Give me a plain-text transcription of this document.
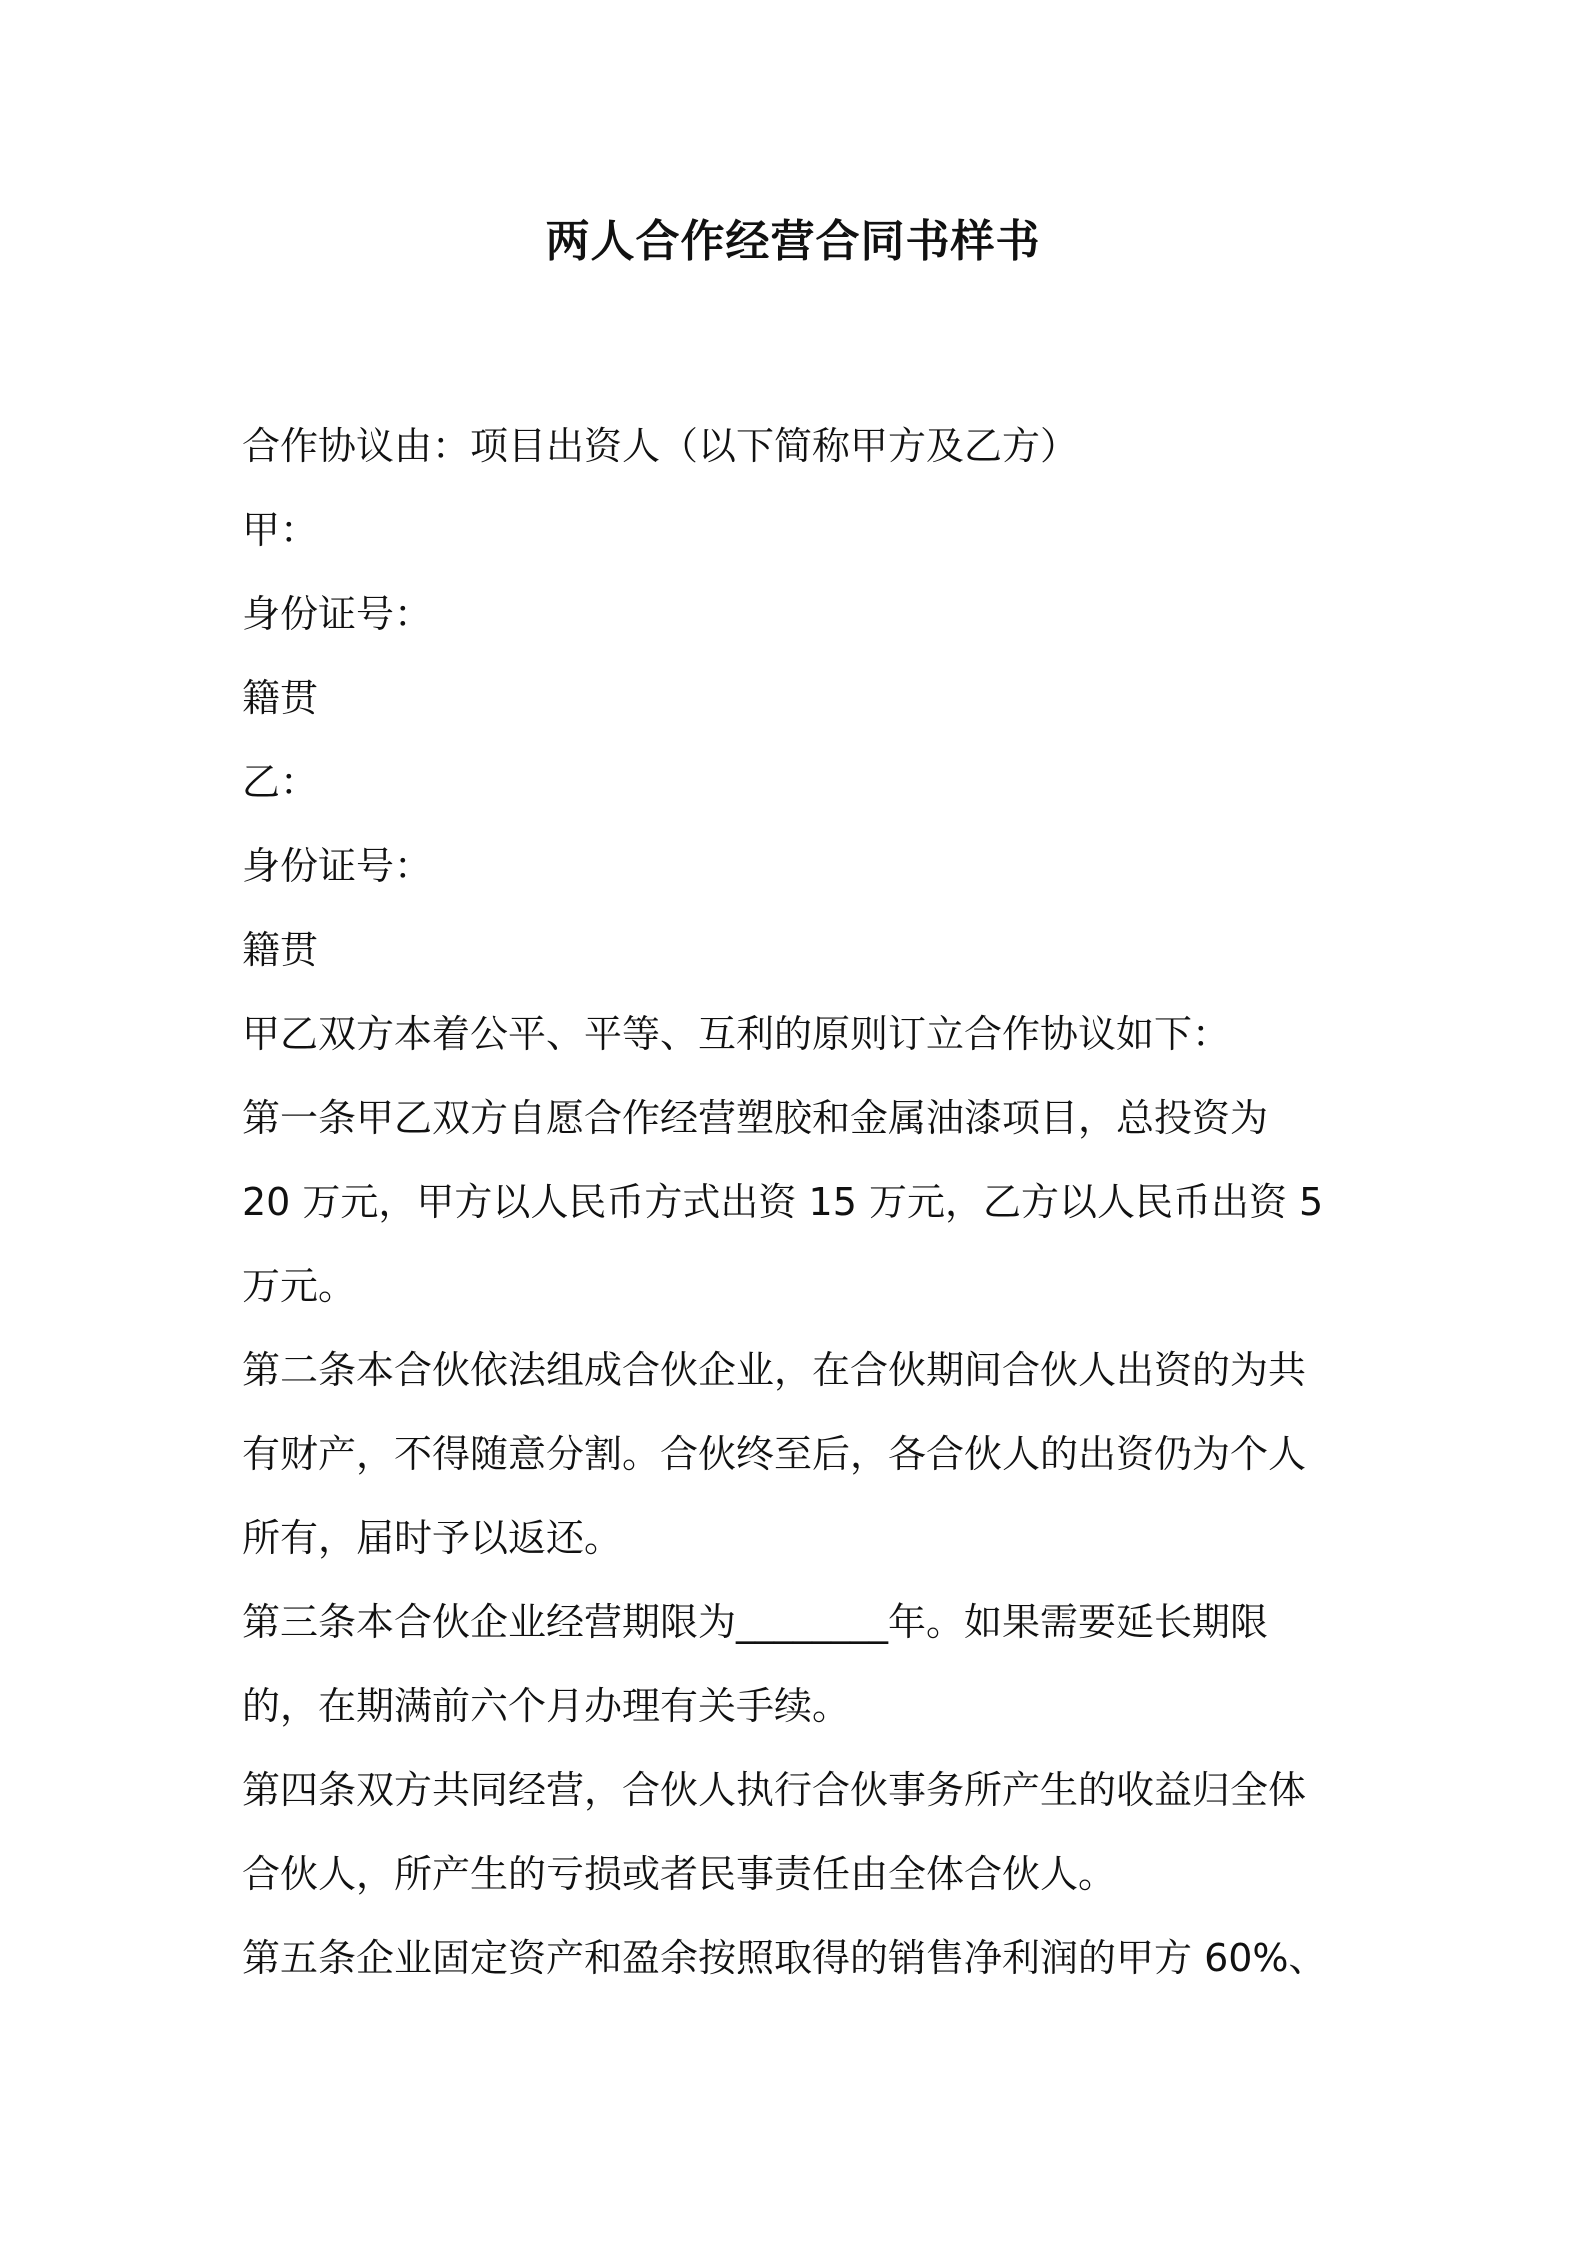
两人合作经营合同书样书
合作协议由：项目出资人（以下简称甲方及乙方）
甲：
身份证号：
籍贯
乙：
身份证号：
籍贯
甲乙双方本着公平、平等、互利的原则订立合作协议如下：
第一条甲乙双方自愿合作经营塑胶和金属油漆项目，总投资为
20 万元，甲方以人民币方式出资 15 万元，乙方以人民币出资 5
万元。
第二条本合伙依法组成合伙企业，在合伙期间合伙人出资的为共
有财产，不得随意分割。合伙终至后，各合伙人的出资仍为个人
所有，届时予以返还。
第三条本合伙企业经营期限为________年。如果需要延长期限
的，在期满前六个月办理有关手续。
第四条双方共同经营，合伙人执行合伙事务所产生的收益归全体
合伙人，所产生的亏损或者民事责任由全体合伙人。
第五条企业固定资产和盈余按照取得的销售净利润的甲方 60%、
